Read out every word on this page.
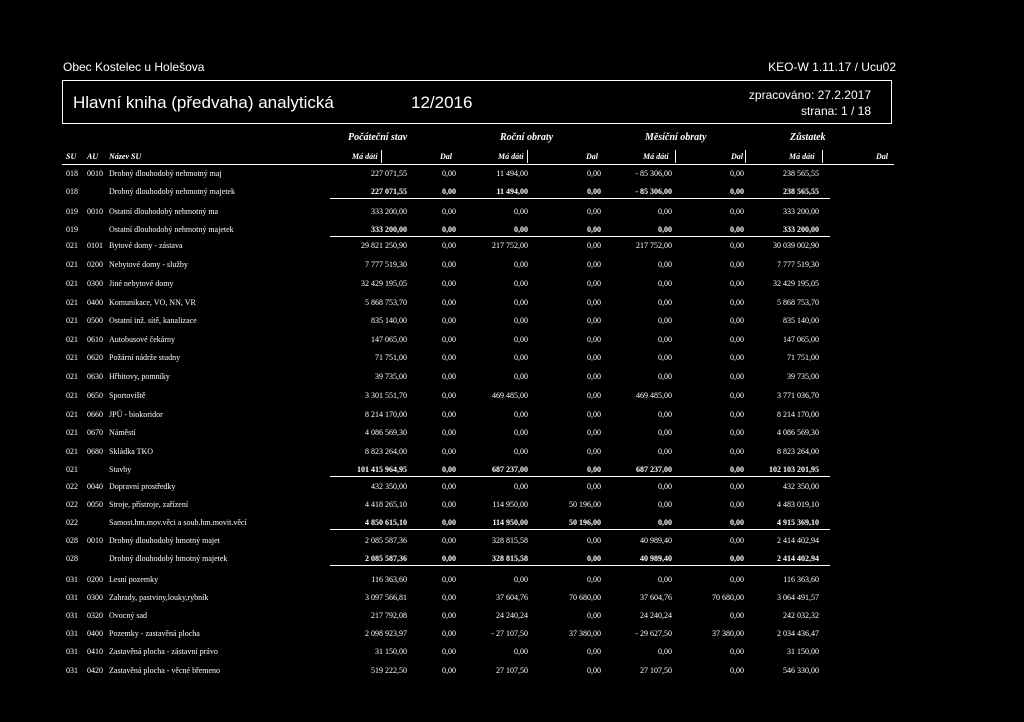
Obec Kostelec u Holešova	KEO-W 1.11.17 / Ucu02
Hlavní kniha (předvaha) analytická	12/2016	zpracováno: 27.2.2017
strana: 1 / 18
Počáteční stav	Roční obraty	Měsíční obraty	Zůstatek
SU AU Název SU	Má dáti	Dal	Má dáti	Dal	Má dáti	Dal	Má dáti	Dal
018 0010 Drobný dlouhodobý nehmotný maj	227 071,55	0,00	11 494,00	0,00	- 85 306,00	0,00	238 565,55
018	Drobný dlouhodobý nehmotný majetek	227 071,55	0,00	11 494,00	0,00	- 85 306,00	0,00	238 565,55
019 0010 Ostatní dlouhodobý nehmotný ma	333 200,00	0,00	0,00	0,00	0,00	0,00	333 200,00
019	Ostatní dlouhodobý nehmotný majetek	333 200,00	0,00	0,00	0,00	0,00	0,00	333 200,00
021 0101 Bytové domy - zástava	29 821 250,90	0,00	217 752,00	0,00	217 752,00	0,00	30 039 002,90
021 0200 Nebytové domy - služby	7 777 519,30	0,00	0,00	0,00	0,00	0,00	7 777 519,30
021 0300 Jiné nebytové domy	32 429 195,05	0,00	0,00	0,00	0,00	0,00	32 429 195,05
021 0400 Komunikace, VO, NN, VR	5 868 753,70	0,00	0,00	0,00	0,00	0,00	5 868 753,70
021 0500 Ostatní inž. sítě, kanalizace	835 140,00	0,00	0,00	0,00	0,00	0,00	835 140,00
021 0610 Autobusové čekárny	147 065,00	0,00	0,00	0,00	0,00	0,00	147 065,00
021 0620 Požární nádrže studny	71 751,00	0,00	0,00	0,00	0,00	0,00	71 751,00
021 0630 Hřbitovy, pomníky	39 735,00	0,00	0,00	0,00	0,00	0,00	39 735,00
021 0650 Sportoviště	3 301 551,70	0,00	469 485,00	0,00	469 485,00	0,00	3 771 036,70
021 0660 JPÚ - biokoridor	8 214 170,00	0,00	0,00	0,00	0,00	0,00	8 214 170,00
021 0670 Náměstí	4 086 569,30	0,00	0,00	0,00	0,00	0,00	4 086 569,30
021 0680 Skládka TKO	8 823 264,00	0,00	0,00	0,00	0,00	0,00	8 823 264,00
021	Stavby	101 415 964,95	0,00	687 237,00	0,00	687 237,00	0,00	102 103 201,95
022 0040 Dopravní prostředky	432 350,00	0,00	0,00	0,00	0,00	0,00	432 350,00
022 0050 Stroje, přístroje, zařízení	4 418 265,10	0,00	114 950,00	50 196,00	0,00	0,00	4 483 019,10
022	Samost.hm.mov.věci a soub.hm.movit.věcí	4 850 615,10	0,00	114 950,00	50 196,00	0,00	0,00	4 915 369,10
028 0010 Drobný dlouhodobý hmotný majet	2 085 587,36	0,00	328 815,58	0,00	40 989,40	0,00	2 414 402,94
028	Drobný dlouhodobý hmotný majetek	2 085 587,36	0,00	328 815,58	0,00	40 989,40	0,00	2 414 402,94
031 0200 Lesní pozemky	116 363,60	0,00	0,00	0,00	0,00	0,00	116 363,60
031 0300 Zahrady, pastviny,louky,rybník	3 097 566,81	0,00	37 604,76	70 680,00	37 604,76	70 680,00	3 064 491,57
031 0320 Ovocný sad	217 792,08	0,00	24 240,24	0,00	24 240,24	0,00	242 032,32
031 0400 Pozemky - zastavěná plocha	2 098 923,97	0,00	- 27 107,50	37 380,00	- 29 627,50	37 380,00	2 034 436,47
031 0410 Zastavěná plocha - zástavní právo	31 150,00	0,00	0,00	0,00	0,00	0,00	31 150,00
031 0420 Zastavěná plocha - věcné břemeno	519 222,50	0,00	27 107,50	0,00	27 107,50	0,00	546 330,00
